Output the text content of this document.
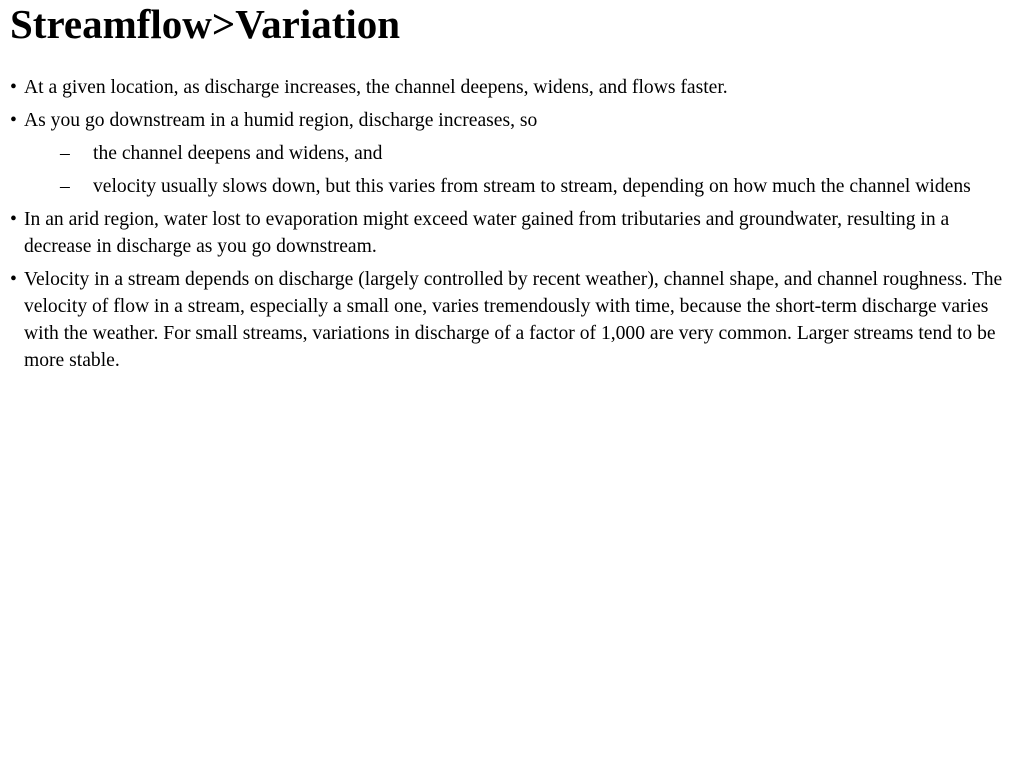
Streamflow>Variation
• At a given location, as discharge increases, the channel deepens, widens, and flows faster.
• As you go downstream in a humid region, discharge increases, so
– the channel deepens and widens, and
– velocity usually slows down, but this varies from stream to stream, depending on how much the channel widens
• In an arid region, water lost to evaporation might exceed water gained from tributaries and groundwater, resulting in a decrease in discharge as you go downstream.
• Velocity in a stream depends on discharge (largely controlled by recent weather), channel shape, and channel roughness. The velocity of flow in a stream, especially a small one, varies tremendously with time, because the short-term discharge varies with the weather. For small streams, variations in discharge of a factor of 1,000 are very common. Larger streams tend to be more stable.
